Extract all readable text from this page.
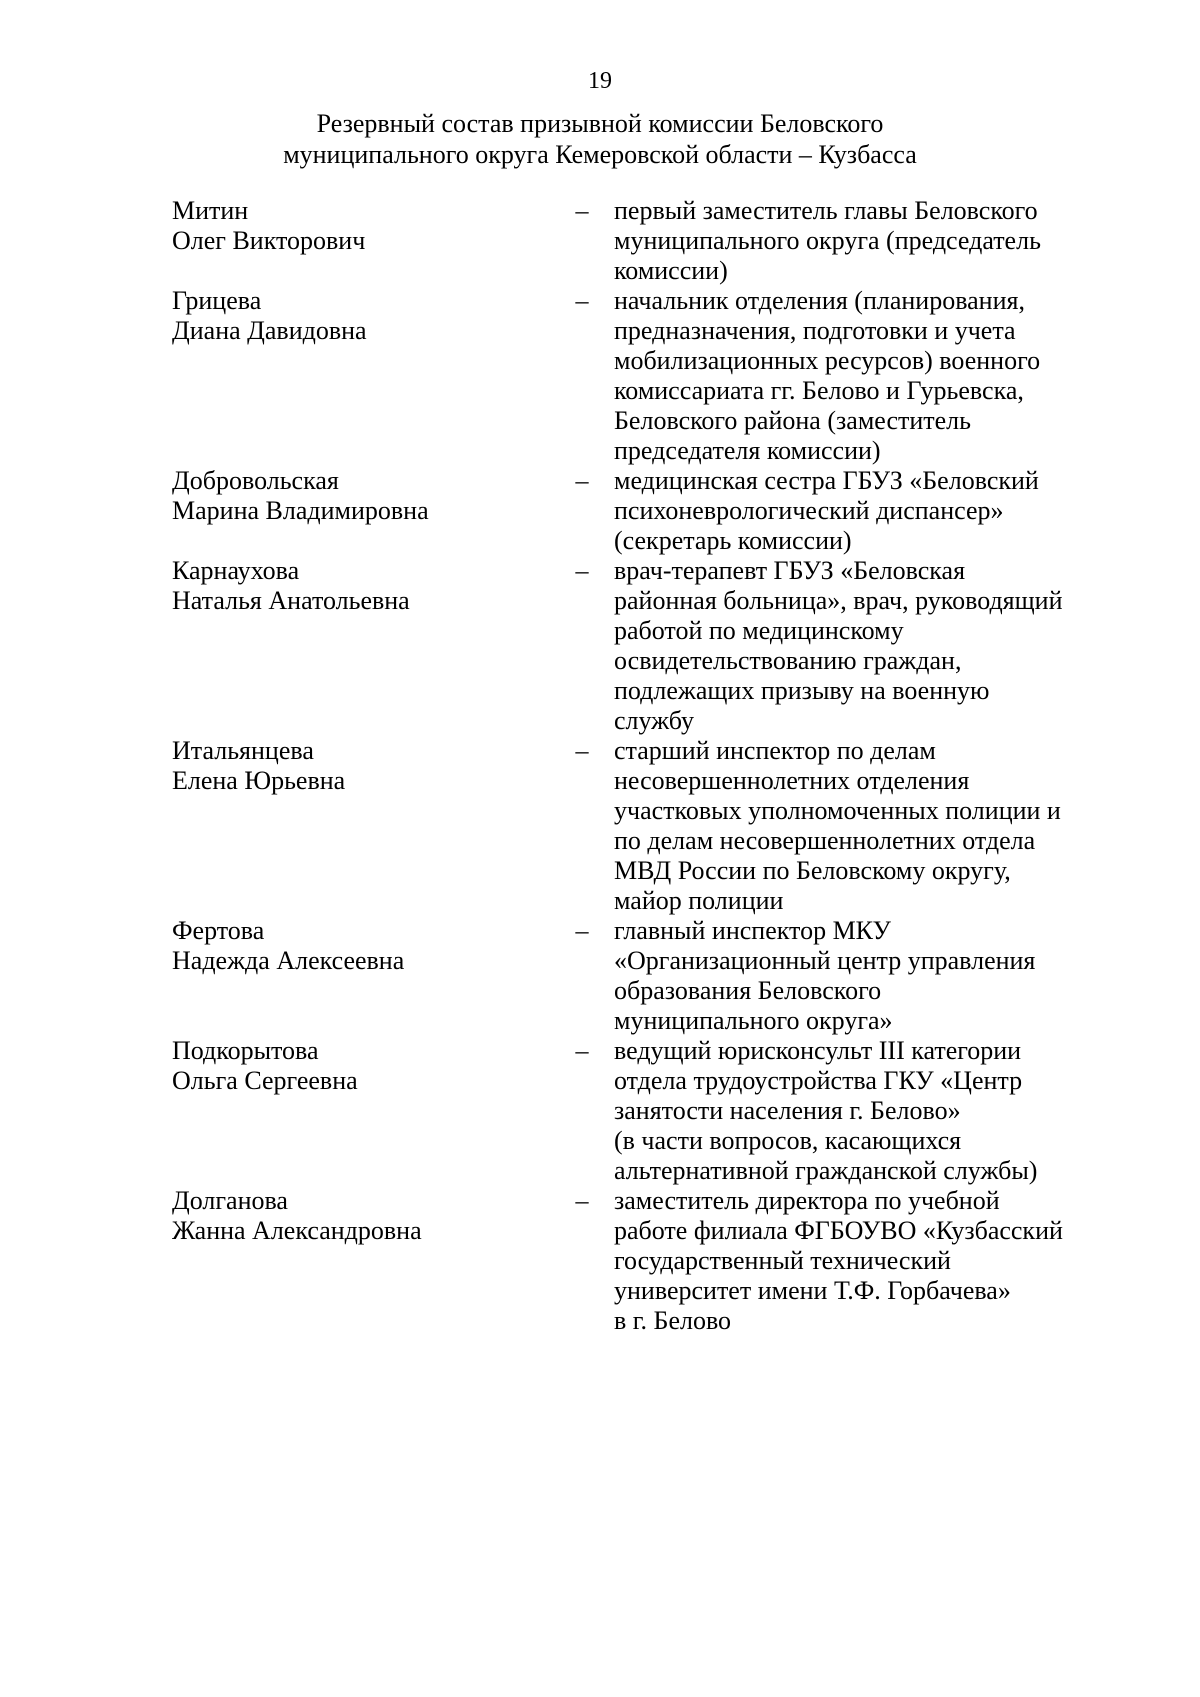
19
Резервный состав призывной комиссии Беловского
муниципального округа Кемеровской области – Кузбасса
Митин
Олег Викторович
– первый заместитель главы Беловского
муниципального округа (председатель
комиссии)
Грицева
Диана Давидовна
– начальник отделения (планирования,
предназначения, подготовки и учета
мобилизационных ресурсов) военного
комиссариата гг. Белово и Гурьевска,
Беловского района (заместитель
председателя комиссии)
Добровольская
Марина Владимировна
– медицинская сестра ГБУЗ «Беловский
психоневрологический диспансер»
(секретарь комиссии)
Карнаухова
Наталья Анатольевна
– врач-терапевт ГБУЗ «Беловская
районная больница», врач, руководящий
работой по медицинскому
освидетельствованию граждан,
подлежащих призыву на военную
службу
Итальянцева
Елена Юрьевна
– старший инспектор по делам
несовершеннолетних отделения
участковых уполномоченных полиции и
по делам несовершеннолетних отдела
МВД России по Беловскому округу,
майор полиции
Фертова
Надежда Алексеевна
– главный инспектор МКУ
«Организационный центр управления
образования Беловского
муниципального округа»
Подкорытова
Ольга Сергеевна
– ведущий юрисконсульт III категории
отдела трудоустройства ГКУ «Центр
занятости населения г. Белово»
(в части вопросов, касающихся
альтернативной гражданской службы)
Долганова
Жанна Александровна
– заместитель директора по учебной
работе филиала ФГБОУВО «Кузбасский
государственный технический
университет имени Т.Ф. Горбачева»
в г. Белово
